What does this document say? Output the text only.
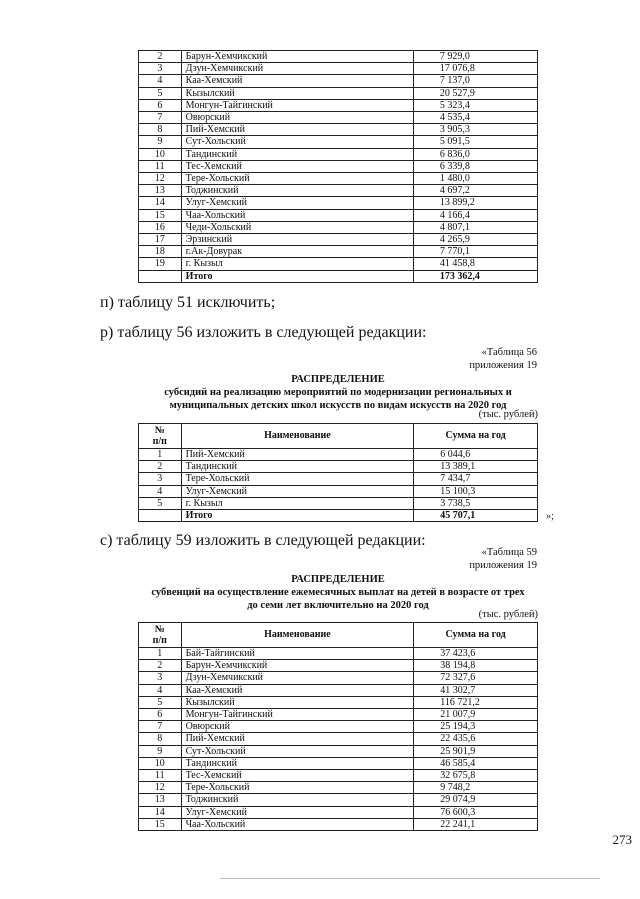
2	Барун-Хемчикский	7 929,0
3	Дзун-Хемчикский	17 076,8
4	Каа-Хемский	7 137,0
5	Кызылский	20 527,9
6	Монгун-Тайгинский	5 323,4
7	Овюрский	4 535,4
8	Пий-Хемский	3 905,3
9	Сут-Хольский	5 091,5
10	Тандинский	6 836,0
11	Тес-Хемский	6 339,8
12	Тере-Хольский	1 480,0
13	Тоджинский	4 697,2
14	Улуг-Хемский	13 899,2
15	Чаа-Хольский	4 166,4
16	Чеди-Хольский	4 807,1
17	Эрзинский	4 265,9
18	г.Ак-Довурак	7 770,1
19	г. Кызыл	41 458,8
	Итого	173 362,4
п) таблицу 51 исключить;
р) таблицу 56 изложить в следующей редакции:
«Таблица 56
приложения 19
РАСПРЕДЕЛЕНИЕ
субсидий на реализацию мероприятий по модернизации региональных и
муниципальных детских школ искусств по видам искусств на 2020 год
(тыс. рублей)
№
п/п	Наименование	Сумма на год
1	Пий-Хемский	6 044,6
2	Тандинский	13 389,1
3	Тере-Хольский	7 434,7
4	Улуг-Хемский	15 100,3
5	г. Кызыл	3 738,5
	Итого	45 707,1	»;
с) таблицу 59 изложить в следующей редакции:
«Таблица 59
приложения 19
РАСПРЕДЕЛЕНИЕ
субвенций на осуществление ежемесячных выплат на детей в возрасте от трех
до семи лет включительно на 2020 год
(тыс. рублей)
№
п/п	Наименование	Сумма на год
1	Бай-Тайгинский	37 423,6
2	Барун-Хемчикский	38 194,8
3	Дзун-Хемчикский	72 327,6
4	Каа-Хемский	41 302,7
5	Кызылский	116 721,2
6	Монгун-Тайгинский	21 007,9
7	Овюрский	25 194,3
8	Пий-Хемский	22 435,6
9	Сут-Хольский	25 901,9
10	Тандинский	46 585,4
11	Тес-Хемский	32 675,8
12	Тере-Хольский	9 748,2
13	Тоджинский	29 074,9
14	Улуг-Хемский	76 600,3
15	Чаа-Хольский	22 241,1
273
